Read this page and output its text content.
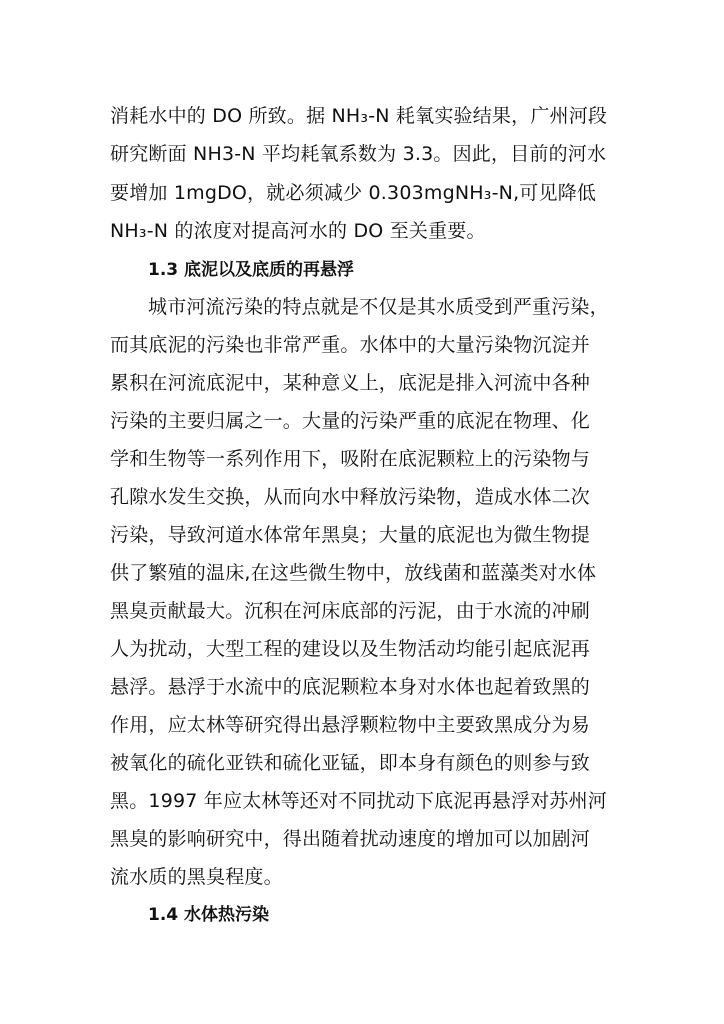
消耗水中的 DO 所致。据 NH₃-N 耗氧实验结果，广州河段
研究断面 NH3-N 平均耗氧系数为 3.3。因此，目前的河水
要增加 1mgDO，就必须减少 0.303mgNH₃-N,可见降低
NH₃-N 的浓度对提高河水的 DO 至关重要。
1.3 底泥以及底质的再悬浮
城市河流污染的特点就是不仅是其水质受到严重污染，
而其底泥的污染也非常严重。水体中的大量污染物沉淀并
累积在河流底泥中，某种意义上，底泥是排入河流中各种
污染的主要归属之一。大量的污染严重的底泥在物理、化
学和生物等一系列作用下，吸附在底泥颗粒上的污染物与
孔隙水发生交换，从而向水中释放污染物，造成水体二次
污染，导致河道水体常年黑臭；大量的底泥也为微生物提
供了繁殖的温床,在这些微生物中，放线菌和蓝藻类对水体
黑臭贡献最大。沉积在河床底部的污泥，由于水流的冲刷
人为扰动，大型工程的建设以及生物活动均能引起底泥再
悬浮。悬浮于水流中的底泥颗粒本身对水体也起着致黑的
作用，应太林等研究得出悬浮颗粒物中主要致黑成分为易
被氧化的硫化亚铁和硫化亚锰，即本身有颜色的则参与致
黑。1997 年应太林等还对不同扰动下底泥再悬浮对苏州河
黑臭的影响研究中，得出随着扰动速度的增加可以加剧河
流水质的黑臭程度。
1.4 水体热污染
